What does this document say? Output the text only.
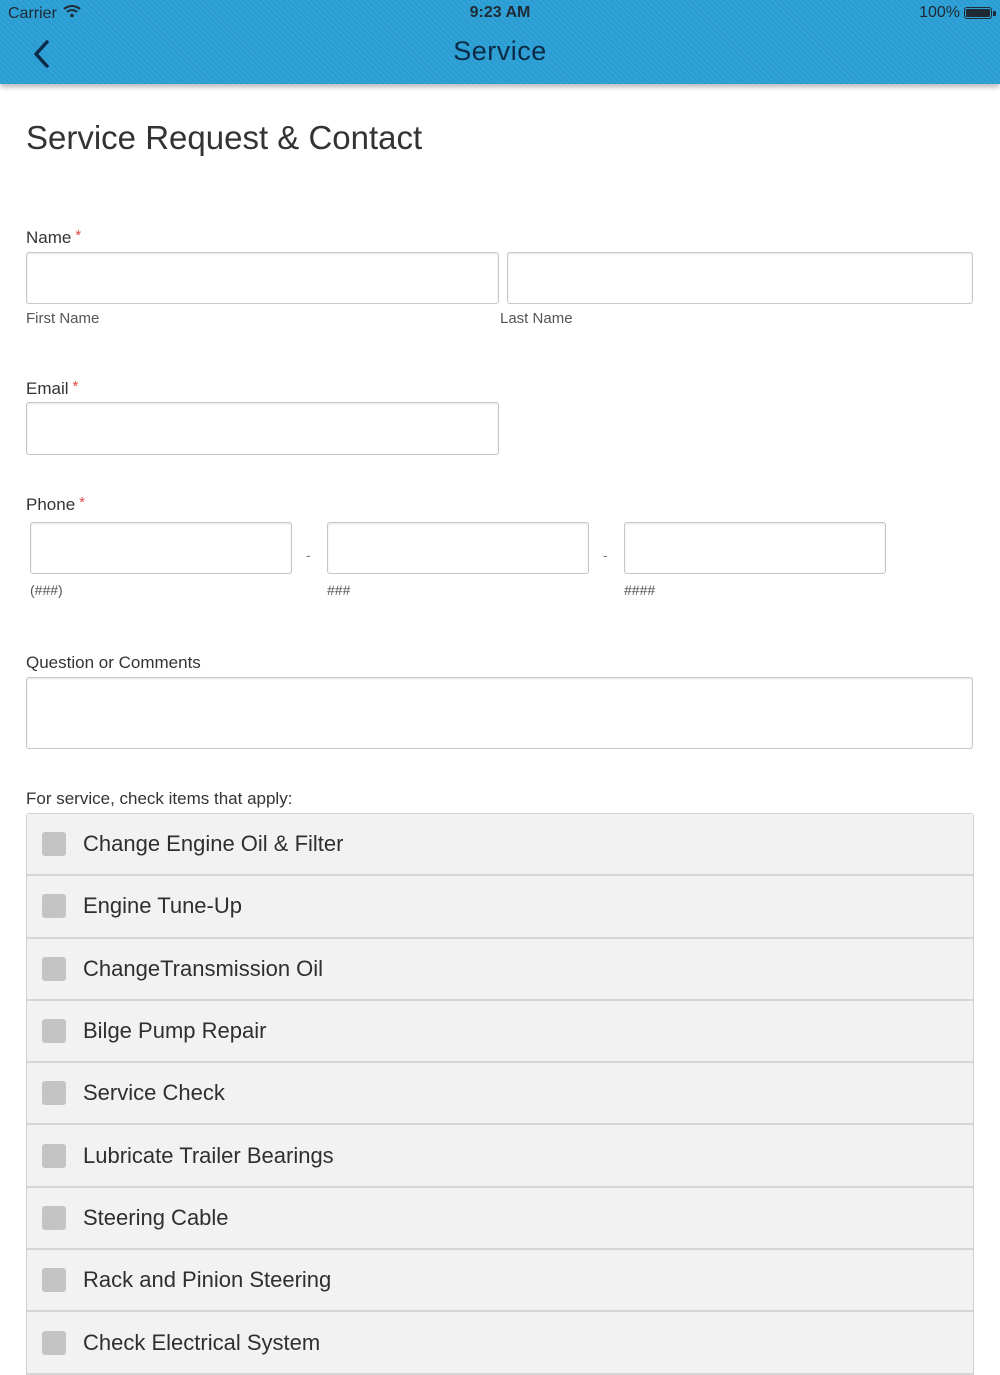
Carrier	9:23 AM	100%
Service
Service Request & Contact
Name *
First Name	Last Name
Email *
Phone *
-	-
(###)	###	####
Question or Comments
For service, check items that apply:
Change Engine Oil & Filter
Engine Tune-Up
ChangeTransmission Oil
Bilge Pump Repair
Service Check
Lubricate Trailer Bearings
Steering Cable
Rack and Pinion Steering
Check Electrical System
